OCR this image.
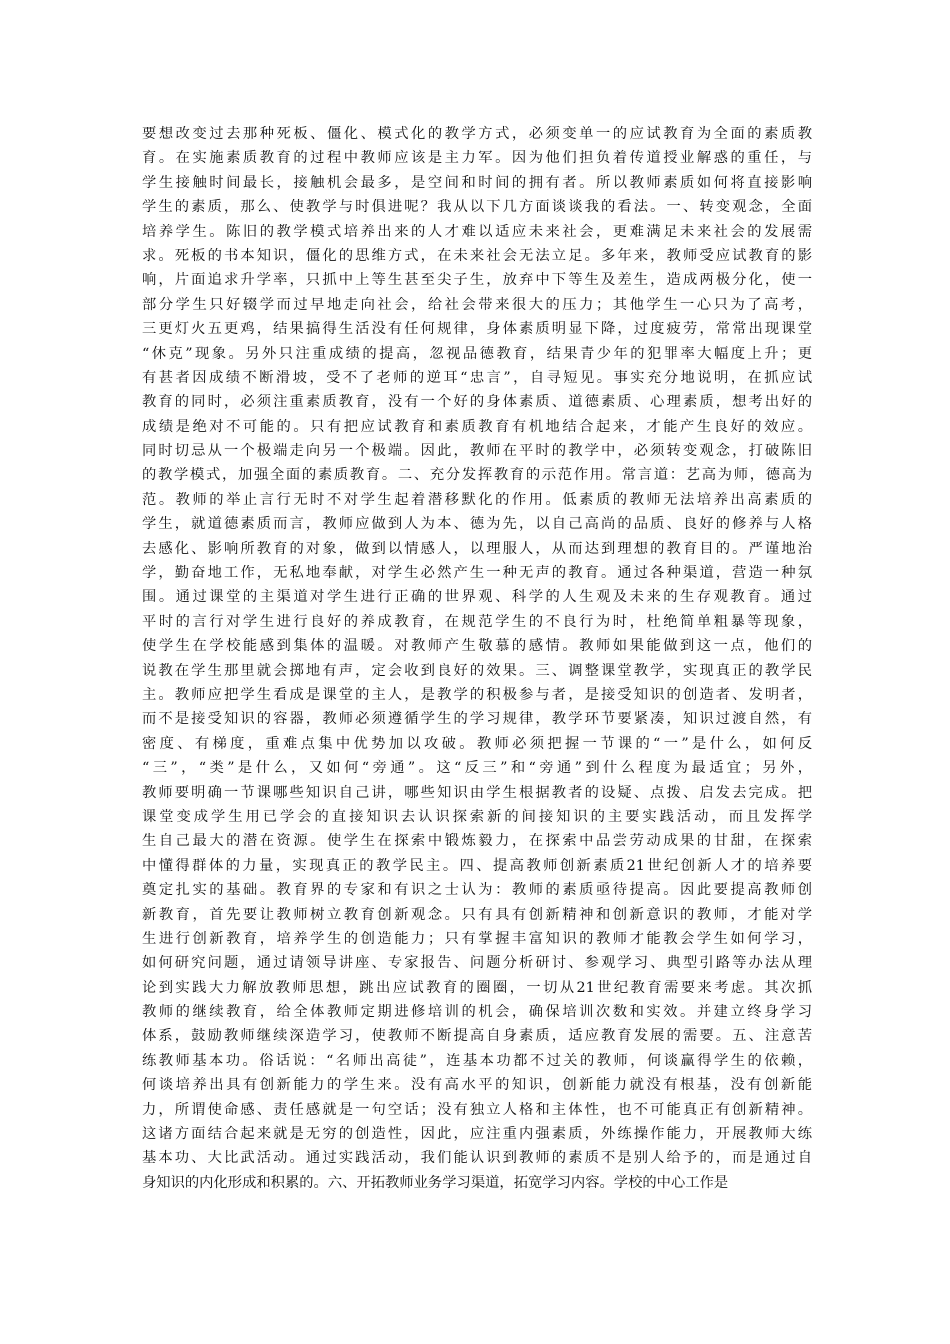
要想改变过去那种死板、僵化、模式化的教学方式，必须变单一的应试教育为全面的素质教
育。在实施素质教育的过程中教师应该是主力军。因为他们担负着传道授业解惑的重任，与
学生接触时间最长，接触机会最多，是空间和时间的拥有者。所以教师素质如何将直接影响
学生的素质，那么、使教学与时俱进呢？我从以下几方面谈谈我的看法。一、转变观念，全面
培养学生。陈旧的教学模式培养出来的人才难以适应未来社会，更难满足未来社会的发展需
求。死板的书本知识，僵化的思维方式，在未来社会无法立足。多年来，教师受应试教育的影
响，片面追求升学率，只抓中上等生甚至尖子生，放弃中下等生及差生，造成两极分化，使一
部分学生只好辍学而过早地走向社会，给社会带来很大的压力；其他学生一心只为了高考，
三更灯火五更鸡，结果搞得生活没有任何规律，身体素质明显下降，过度疲劳，常常出现课堂
“休克”现象。另外只注重成绩的提高，忽视品德教育，结果青少年的犯罪率大幅度上升；更
有甚者因成绩不断滑坡，受不了老师的逆耳“忠言”，自寻短见。事实充分地说明，在抓应试
教育的同时，必须注重素质教育，没有一个好的身体素质、道德素质、心理素质，想考出好的
成绩是绝对不可能的。只有把应试教育和素质教育有机地结合起来，才能产生良好的效应。
同时切忌从一个极端走向另一个极端。因此，教师在平时的教学中，必须转变观念，打破陈旧
的教学模式，加强全面的素质教育。二、充分发挥教育的示范作用。常言道：艺高为师，德高为
范。教师的举止言行无时不对学生起着潜移默化的作用。低素质的教师无法培养出高素质的
学生，就道德素质而言，教师应做到人为本、德为先，以自己高尚的品质、良好的修养与人格
去感化、影响所教育的对象，做到以情感人，以理服人，从而达到理想的教育目的。严谨地治
学，勤奋地工作，无私地奉献，对学生必然产生一种无声的教育。通过各种渠道，营造一种氛
围。通过课堂的主渠道对学生进行正确的世界观、科学的人生观及未来的生存观教育。通过
平时的言行对学生进行良好的养成教育，在规范学生的不良行为时，杜绝简单粗暴等现象，
使学生在学校能感到集体的温暖。对教师产生敬慕的感情。教师如果能做到这一点，他们的
说教在学生那里就会掷地有声，定会收到良好的效果。三、调整课堂教学，实现真正的教学民
主。教师应把学生看成是课堂的主人，是教学的积极参与者，是接受知识的创造者、发明者，
而不是接受知识的容器，教师必须遵循学生的学习规律，教学环节要紧凑，知识过渡自然，有
密度、有梯度，重难点集中优势加以攻破。教师必须把握一节课的“一”是什么，如何反
“三”，“类”是什么，又如何“旁通”。这“反三”和“旁通”到什么程度为最适宜；另外，
教师要明确一节课哪些知识自己讲，哪些知识由学生根据教者的设疑、点拨、启发去完成。把
课堂变成学生用已学会的直接知识去认识探索新的间接知识的主要实践活动，而且发挥学
生自己最大的潜在资源。使学生在探索中锻炼毅力，在探索中品尝劳动成果的甘甜，在探索
中懂得群体的力量，实现真正的教学民主。四、提高教师创新素质21世纪创新人才的培养要
奠定扎实的基础。教育界的专家和有识之士认为：教师的素质亟待提高。因此要提高教师创
新教育，首先要让教师树立教育创新观念。只有具有创新精神和创新意识的教师，才能对学
生进行创新教育，培养学生的创造能力；只有掌握丰富知识的教师才能教会学生如何学习，
如何研究问题，通过请领导讲座、专家报告、问题分析研讨、参观学习、典型引路等办法从理
论到实践大力解放教师思想，跳出应试教育的圈圈，一切从21世纪教育需要来考虑。其次抓
教师的继续教育，给全体教师定期进修培训的机会，确保培训次数和实效。并建立终身学习
体系，鼓励教师继续深造学习，使教师不断提高自身素质，适应教育发展的需要。五、注意苦
练教师基本功。俗话说：“名师出高徒”，连基本功都不过关的教师，何谈赢得学生的依赖，
何谈培养出具有创新能力的学生来。没有高水平的知识，创新能力就没有根基，没有创新能
力，所谓使命感、责任感就是一句空话；没有独立人格和主体性，也不可能真正有创新精神。
这诸方面结合起来就是无穷的创造性，因此，应注重内强素质，外练操作能力，开展教师大练
基本功、大比武活动。通过实践活动，我们能认识到教师的素质不是别人给予的，而是通过自
身知识的内化形成和积累的。六、开拓教师业务学习渠道，拓宽学习内容。学校的中心工作是
